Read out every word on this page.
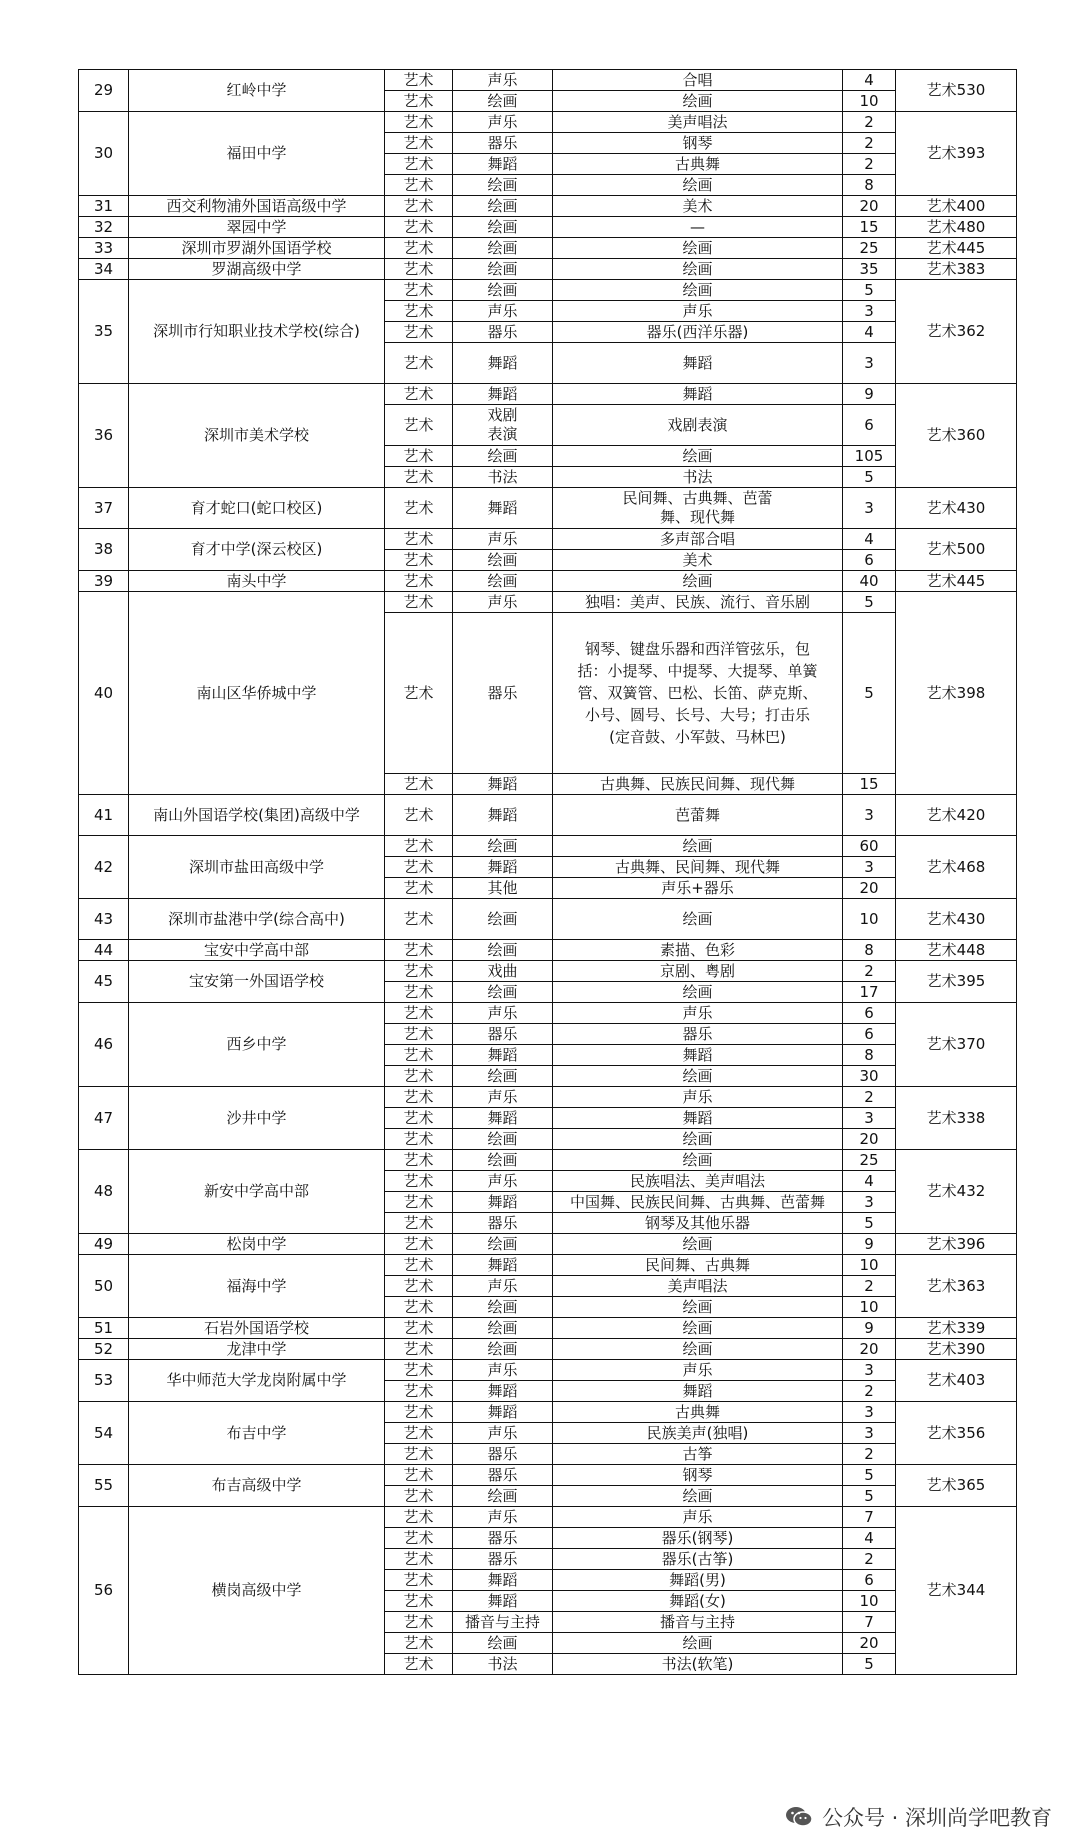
29	红岭中学	艺术	声乐	合唱	4	艺术530
		艺术	绘画	绘画	10	
30	福田中学	艺术	声乐	美声唱法	2	艺术393
		艺术	器乐	钢琴	2	
		艺术	舞蹈	古典舞	2	
		艺术	绘画	绘画	8	
31	西交利物浦外国语高级中学	艺术	绘画	美术	20	艺术400
32	翠园中学	艺术	绘画	—	15	艺术480
33	深圳市罗湖外国语学校	艺术	绘画	绘画	25	艺术445
34	罗湖高级中学	艺术	绘画	绘画	35	艺术383
35	深圳市行知职业技术学校(综合)	艺术	绘画	绘画	5	艺术362
		艺术	声乐	声乐	3	
		艺术	器乐	器乐(西洋乐器)	4	
		艺术	舞蹈	舞蹈	3	
36	深圳市美术学校	艺术	舞蹈	舞蹈	9	艺术360
		艺术	戏剧表演	戏剧表演	6	
		艺术	绘画	绘画	105	
		艺术	书法	书法	5	
37	育才蛇口(蛇口校区)	艺术	舞蹈	民间舞、古典舞、芭蕾舞、现代舞	3	艺术430
38	育才中学(深云校区)	艺术	声乐	多声部合唱	4	艺术500
		艺术	绘画	美术	6	
39	南头中学	艺术	绘画	绘画	40	艺术445
40	南山区华侨城中学	艺术	声乐	独唱：美声、民族、流行、音乐剧	5	艺术398
		艺术	器乐	钢琴、键盘乐器和西洋管弦乐，包括：小提琴、中提琴、大提琴、单簧管、双簧管、巴松、长笛、萨克斯、小号、圆号、长号、大号；打击乐(定音鼓、小军鼓、马林巴)	5	
		艺术	舞蹈	古典舞、民族民间舞、现代舞	15	
41	南山外国语学校(集团)高级中学	艺术	舞蹈	芭蕾舞	3	艺术420
42	深圳市盐田高级中学	艺术	绘画	绘画	60	艺术468
		艺术	舞蹈	古典舞、民间舞、现代舞	3	
		艺术	其他	声乐+器乐	20	
43	深圳市盐港中学(综合高中)	艺术	绘画	绘画	10	艺术430
44	宝安中学高中部	艺术	绘画	素描、色彩	8	艺术448
45	宝安第一外国语学校	艺术	戏曲	京剧、粤剧	2	艺术395
		艺术	绘画	绘画	17	
46	西乡中学	艺术	声乐	声乐	6	艺术370
		艺术	器乐	器乐	6	
		艺术	舞蹈	舞蹈	8	
		艺术	绘画	绘画	30	
47	沙井中学	艺术	声乐	声乐	2	艺术338
		艺术	舞蹈	舞蹈	3	
		艺术	绘画	绘画	20	
48	新安中学高中部	艺术	绘画	绘画	25	艺术432
		艺术	声乐	民族唱法、美声唱法	4	
		艺术	舞蹈	中国舞、民族民间舞、古典舞、芭蕾舞	3	
		艺术	器乐	钢琴及其他乐器	5	
49	松岗中学	艺术	绘画	绘画	9	艺术396
50	福海中学	艺术	舞蹈	民间舞、古典舞	10	艺术363
		艺术	声乐	美声唱法	2	
		艺术	绘画	绘画	10	
51	石岩外国语学校	艺术	绘画	绘画	9	艺术339
52	龙津中学	艺术	绘画	绘画	20	艺术390
53	华中师范大学龙岗附属中学	艺术	声乐	声乐	3	艺术403
		艺术	舞蹈	舞蹈	2	
54	布吉中学	艺术	舞蹈	古典舞	3	艺术356
		艺术	声乐	民族美声(独唱)	3	
		艺术	器乐	古筝	2	
55	布吉高级中学	艺术	器乐	钢琴	5	艺术365
		艺术	绘画	绘画	5	
56	横岗高级中学	艺术	声乐	声乐	7	艺术344
		艺术	器乐	器乐(钢琴)	4	
		艺术	器乐	器乐(古筝)	2	
		艺术	舞蹈	舞蹈(男)	6	
		艺术	舞蹈	舞蹈(女)	10	
		艺术	播音与主持	播音与主持	7	
		艺术	绘画	绘画	20	
		艺术	书法	书法(软笔)	5	
公众号 · 深圳尚学吧教育
